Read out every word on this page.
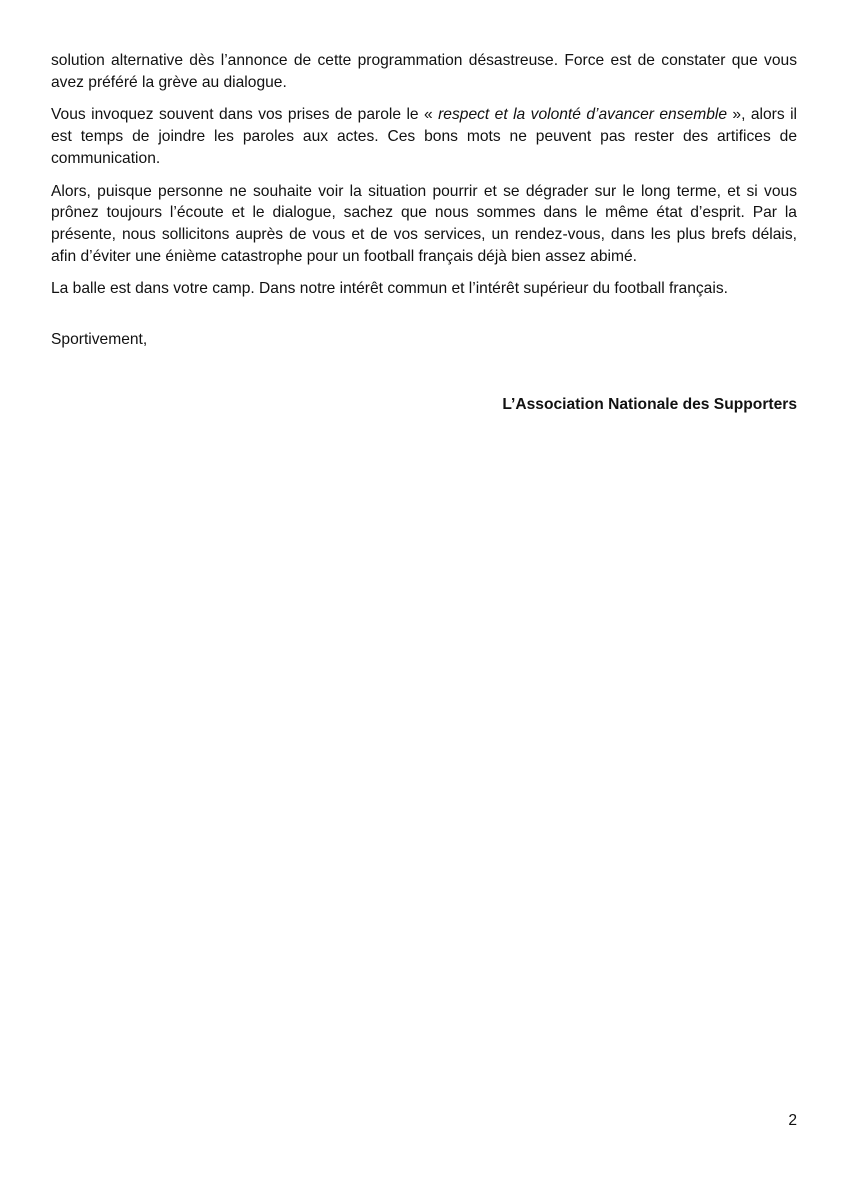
solution alternative dès l’annonce de cette programmation désastreuse. Force est de constater que vous avez préféré la grève au dialogue.

Vous invoquez souvent dans vos prises de parole le « respect et la volonté d’avancer ensemble », alors il est temps de joindre les paroles aux actes. Ces bons mots ne peuvent pas rester des artifices de communication.

Alors, puisque personne ne souhaite voir la situation pourrir et se dégrader sur le long terme, et si vous prônez toujours l’écoute et le dialogue, sachez que nous sommes dans le même état d’esprit. Par la présente, nous sollicitons auprès de vous et de vos services, un rendez-vous, dans les plus brefs délais, afin d’éviter une énième catastrophe pour un football français déjà bien assez abimé.

La balle est dans votre camp. Dans notre intérêt commun et l’intérêt supérieur du football français.

Sportivement,

L’Association Nationale des Supporters

2
